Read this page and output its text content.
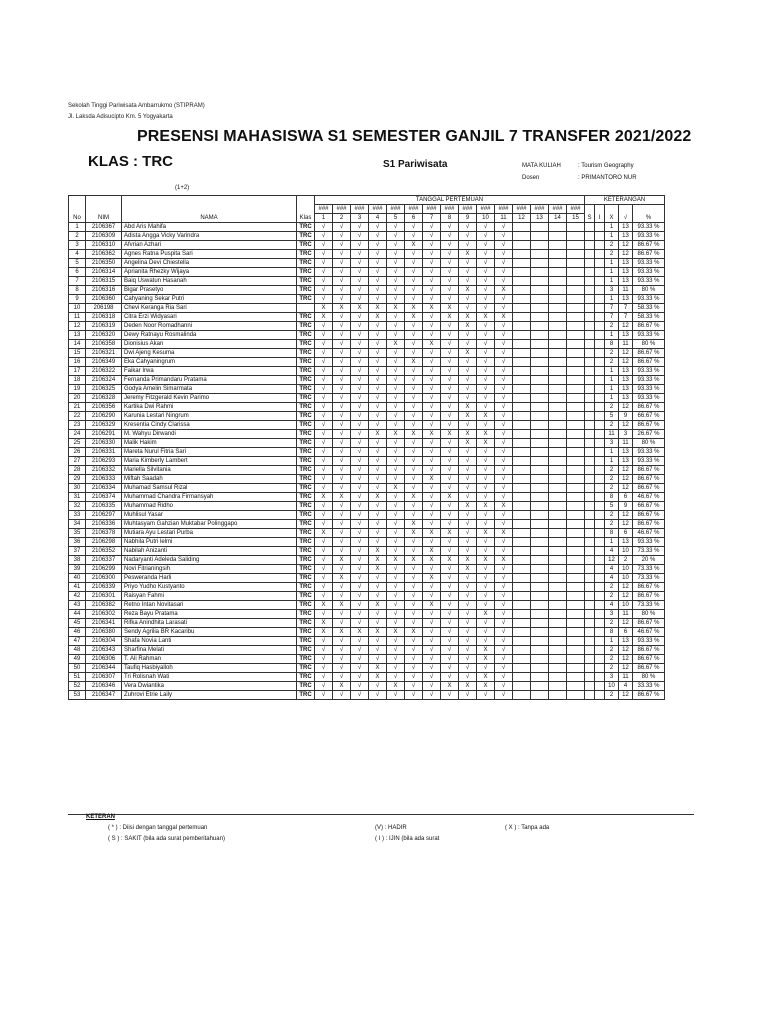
Sekolah Tinggi Pariwisata Ambarrukmo (STIPRAM)
Jl. Laksda Adisucipto Km. 5 Yogyakarta
PRESENSI MAHASISWA S1 SEMESTER GANJIL 7 TRANSFER 2021/2022
KLAS : TRC	S1 Pariwisata	MATA KULIAH	: Tourism Geography
Dosen	: PRIMANTORO NUR
(1+2)
No	NIM	NAMA	Klas	TANGGAL PERTEMUAN															KETERANGAN				
				###	###	###	###	###	###	###	###	###	###	###	###	###	###	###	S	I	X	√	%
				1	2	3	4	5	6	7	8	9	10	11	12	13	14	15					
1	2106367	Abd Aris Mahifa	TRC	√	√	√	√	√	√	√	√	√	√	√							1	13	93.33 %
2	2106309	Adista Angga Vicky Varindra	TRC	√	√	√	√	√	√	√	√	√	√	√							1	13	93.33 %
3	2106310	Afvrian Azhari	TRC	√	√	√	√	√	X	√	√	√	√	√							2	12	86.67 %
4	2106362	Agnes Ratna Puspita Sari	TRC	√	√	√	√	√	√	√	√	X	√	√							2	12	86.67 %
5	2106350	Angelina Devi Chiestella	TRC	√	√	√	√	√	√	√	√	√	√	√							1	13	93.33 %
6	2106314	Aprianita Rhezky Wijaya	TRC	√	√	√	√	√	√	√	√	√	√	√							1	13	93.33 %
7	2106315	Baiq Uswatun Hasanah	TRC	√	√	√	√	√	√	√	√	√	√	√							1	13	93.33 %
8	2106316	Bigar Prasetyo	TRC	√	√	√	√	√	√	√	√	X	√	X							3	11	80 %
9	2106360	Cahyaning Sekar Putri	TRC	√	√	√	√	√	√	√	√	√	√	√							1	13	93.33 %
10	206198	Chevi Keranga Ria Sari		X	X	X	X	X	X	X	X	√	√	√							7	7	58.33 %
11	2106318	Citra Erzi Widyasari	TRC	X	√	√	X	√	X	√	X	X	X	X							7	7	58.33 %
12	2106319	Deden Noor Romadhanni	TRC	√	√	√	√	√	√	√	√	X	√	√							2	12	86.67 %
13	2106320	Dewy Ratnayu Rosmalinda	TRC	√	√	√	√	√	√	√	√	√	√	√							1	13	93.33 %
14	2106358	Dionisius Akan	TRC	√	√	√	√	X	√	X	√	√	√	√							8	11	80 %
15	2106321	Dwi Ajeng Kesuma	TRC	√	√	√	√	√	√	√	√	X	√	√							2	12	86.67 %
16	2106349	Eka Cahyaningrum	TRC	√	√	√	√	√	X	√	√	√	√	√							2	12	86.67 %
17	2106322	Faikar Irwa	TRC	√	√	√	√	√	√	√	√	√	√	√							1	13	93.33 %
18	2106324	Fernanda Primandaru Pratama	TRC	√	√	√	√	√	√	√	√	√	√	√							1	13	93.33 %
19	2106325	Godya Amelin Simarmata	TRC	√	√	√	√	√	√	√	√	√	√	√							1	13	93.33 %
20	2106328	Jeremy Fitzgerald Kevin Parimo	TRC	√	√	√	√	√	√	√	√	√	√	√							1	13	93.33 %
21	2106356	Kartika Dwi Rahmi	TRC	√	√	√	√	√	√	√	√	X	√	√							2	12	86.67 %
22	2106290	Karunia Lestari Ningrum	TRC	√	√	√	√	√	√	√	√	X	X	√							5	9	66.67 %
23	2106329	Kresentia Cindy Clarissa	TRC	√	√	√	√	√	√	√	√	√	√	√							2	12	86.67 %
24	2106291	M. Wahyu Dirwandi	TRC	√	√	√	X	X	X	X	X	X	X	√							11	3	26.67 %
25	2106330	Malik Hakim	TRC	√	√	√	√	√	√	√	√	X	X	√							3	11	80 %
26	2106331	Mareta Nurul Fitria Sari	TRC	√	√	√	√	√	√	√	√	√	√	√							1	13	93.33 %
27	2106293	Maria Kimberly Lambert	TRC	√	√	√	√	√	√	√	√	√	√	√							1	13	93.33 %
28	2106332	Mariella Silvitania	TRC	√	√	√	√	√	√	√	√	√	√	√							2	12	86.67 %
29	2106333	Miftah Saadah	TRC	√	√	√	√	√	√	X	√	√	√	√							2	12	86.67 %
30	2106334	Muhamad Samsul Rizal	TRC	√	√	√	√	X	√	√	√	√	√	√							2	12	86.67 %
31	2106374	Muhammad Chandra Firmansyah	TRC	X	X	√	X	√	X	√	X	√	√	√							8	6	46.67 %
32	2106335	Muhammad Ridho	TRC	√	√	√	√	√	√	√	√	X	X	X							5	9	66.67 %
33	2106297	Muhlisul Yasar	TRC	√	√	√	√	√	√	√	√	√	√	√							2	12	86.67 %
34	2106336	Muhtasyam Gahzian Muktabar Polinggapo	TRC	√	√	√	√	√	X	√	√	√	√	√							2	12	86.67 %
35	2106378	Mutiara Ayu Lestari Purba	TRC	X	√	√	√	√	X	X	X	√	X	X							8	6	46.67 %
36	2106298	Nabhila Putri lelmi	TRC	√	√	√	√	√	√	√	√	√	√	√							1	13	93.33 %
37	2106352	Nabilah Anizanti	TRC	√	√	√	X	√	√	X	√	√	√	√							4	10	73.33 %
38	2106337	Nadaryanti Adeleda Saliding	TRC	√	X	√	X	X	X	X	X	X	X	X							12	2	20 %
39	2106299	Novi Fitrianingsih	TRC	√	√	√	X	√	√	√	√	X	√	√							4	10	73.33 %
40	2106300	Pesweranda Harli	TRC	√	X	√	√	√	√	X	√	√	√	√							4	10	73.33 %
41	2106339	Priyo Yudho Kustyanto	TRC	√	√	√	√	√	√	√	√	√	√	√							2	12	86.67 %
42	2106301	Raisyan Fahmi	TRC	√	√	√	√	√	√	√	√	√	√	√							2	12	86.67 %
43	2106382	Retno Intan Novitasari	TRC	X	X	√	X	√	√	X	√	√	√	√							4	10	73.33 %
44	2106302	Reza Bayu Pratama	TRC	√	√	√	√	√	√	√	√	√	X	√							3	11	80 %
45	2106341	Rifka Anindhita Larasati	TRC	X	√	√	√	√	√	√	√	√	√	√							2	12	86.67 %
46	2106380	Sendy Agrilia BR Kacaribu	TRC	X	X	X	X	X	X	√	√	√	√	√							8	6	46.67 %
47	2106304	Shafa Novia Lanti	TRC	√	√	√	√	√	√	√	√	√	√	√							1	13	93.33 %
48	2106343	Sharfina Melati	TRC	√	√	√	√	√	√	√	√	√	X	√							2	12	86.67 %
49	2106306	T. Ali Rahman	TRC	√	√	√	√	√	√	√	√	√	X	√							2	12	86.67 %
50	2106344	Taufiq Hasbiyalloh	TRC	√	√	√	X	√	√	√	√	√	√	√							2	12	86.67 %
51	2106307	Tri Rolisnah Wati	TRC	√	√	√	X	√	√	√	√	√	X	√							3	11	80 %
52	2106346	Vera Dwiantika	TRC	√	X	√	√	X	√	√	X	X	X	√							10	4	33.33 %
53	2106347	Zuhrovi Etrie Laily	TRC	√	√	√	√	√	√	√	√	√	√	√							2	12	86.67 %
KETERAN
( * ) : Diisi dengan tanggal pertemuan
( S ) : SAKIT (bila ada surat pemberitahuan)
(V) : HADIR
( I ) : IJIN (bila ada surat
( X ) : Tanpa ada
